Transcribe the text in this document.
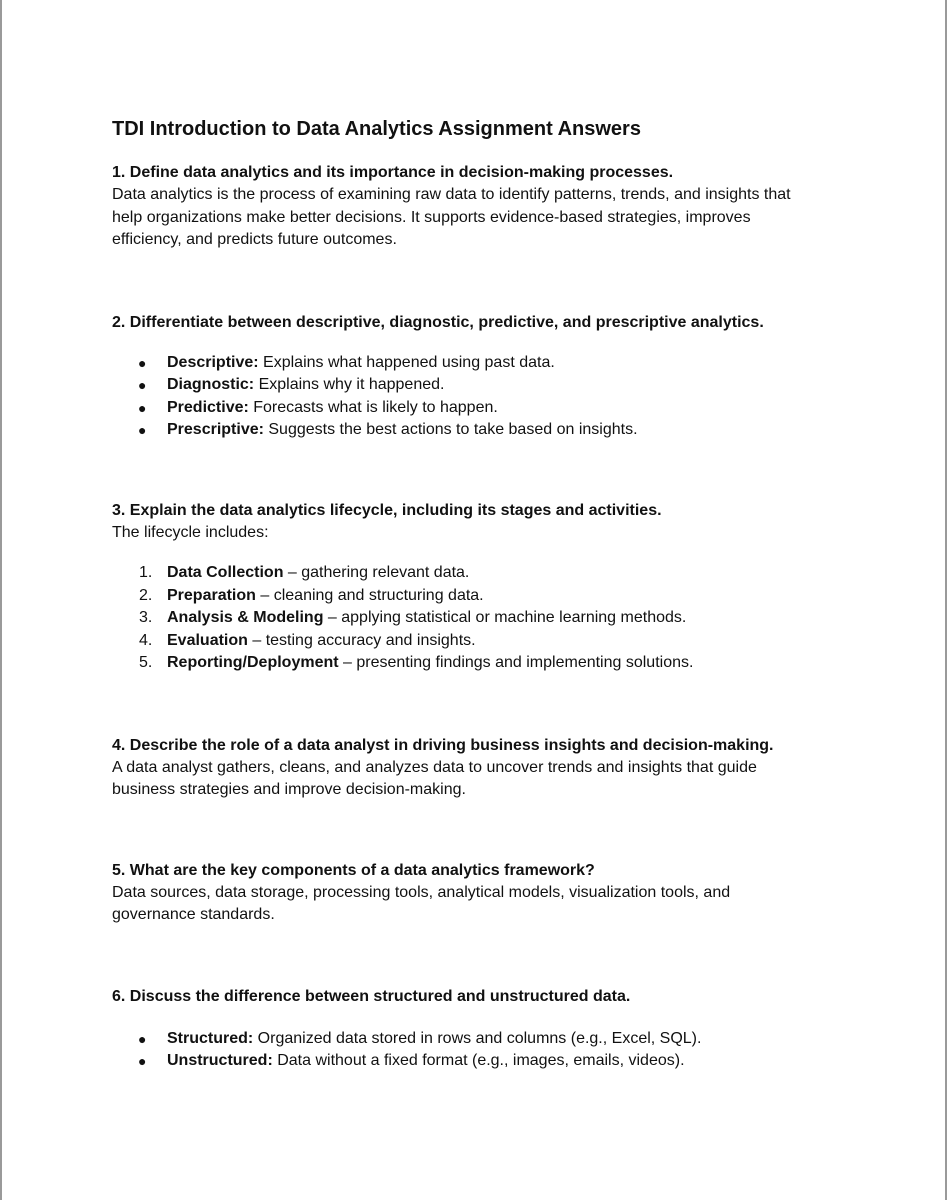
TDI Introduction to Data Analytics Assignment Answers

1. Define data analytics and its importance in decision-making processes.

Data analytics is the process of examining raw data to identify patterns, trends, and insights that

help organizations make better decisions. It supports evidence-based strategies, improves

efficiency, and predicts future outcomes.

2. Differentiate between descriptive, diagnostic, predictive, and prescriptive analytics.

● Descriptive: Explains what happened using past data.
● Diagnostic: Explains why it happened.
● Predictive: Forecasts what is likely to happen.
● Prescriptive: Suggests the best actions to take based on insights.

3. Explain the data analytics lifecycle, including its stages and activities.

The lifecycle includes:

1. Data Collection – gathering relevant data.
2. Preparation – cleaning and structuring data.
3. Analysis & Modeling – applying statistical or machine learning methods.
4. Evaluation – testing accuracy and insights.
5. Reporting/Deployment – presenting findings and implementing solutions.

4. Describe the role of a data analyst in driving business insights and decision-making.

A data analyst gathers, cleans, and analyzes data to uncover trends and insights that guide

business strategies and improve decision-making.

5. What are the key components of a data analytics framework?

Data sources, data storage, processing tools, analytical models, visualization tools, and

governance standards.

6. Discuss the difference between structured and unstructured data.

● Structured: Organized data stored in rows and columns (e.g., Excel, SQL).
● Unstructured: Data without a fixed format (e.g., images, emails, videos).
